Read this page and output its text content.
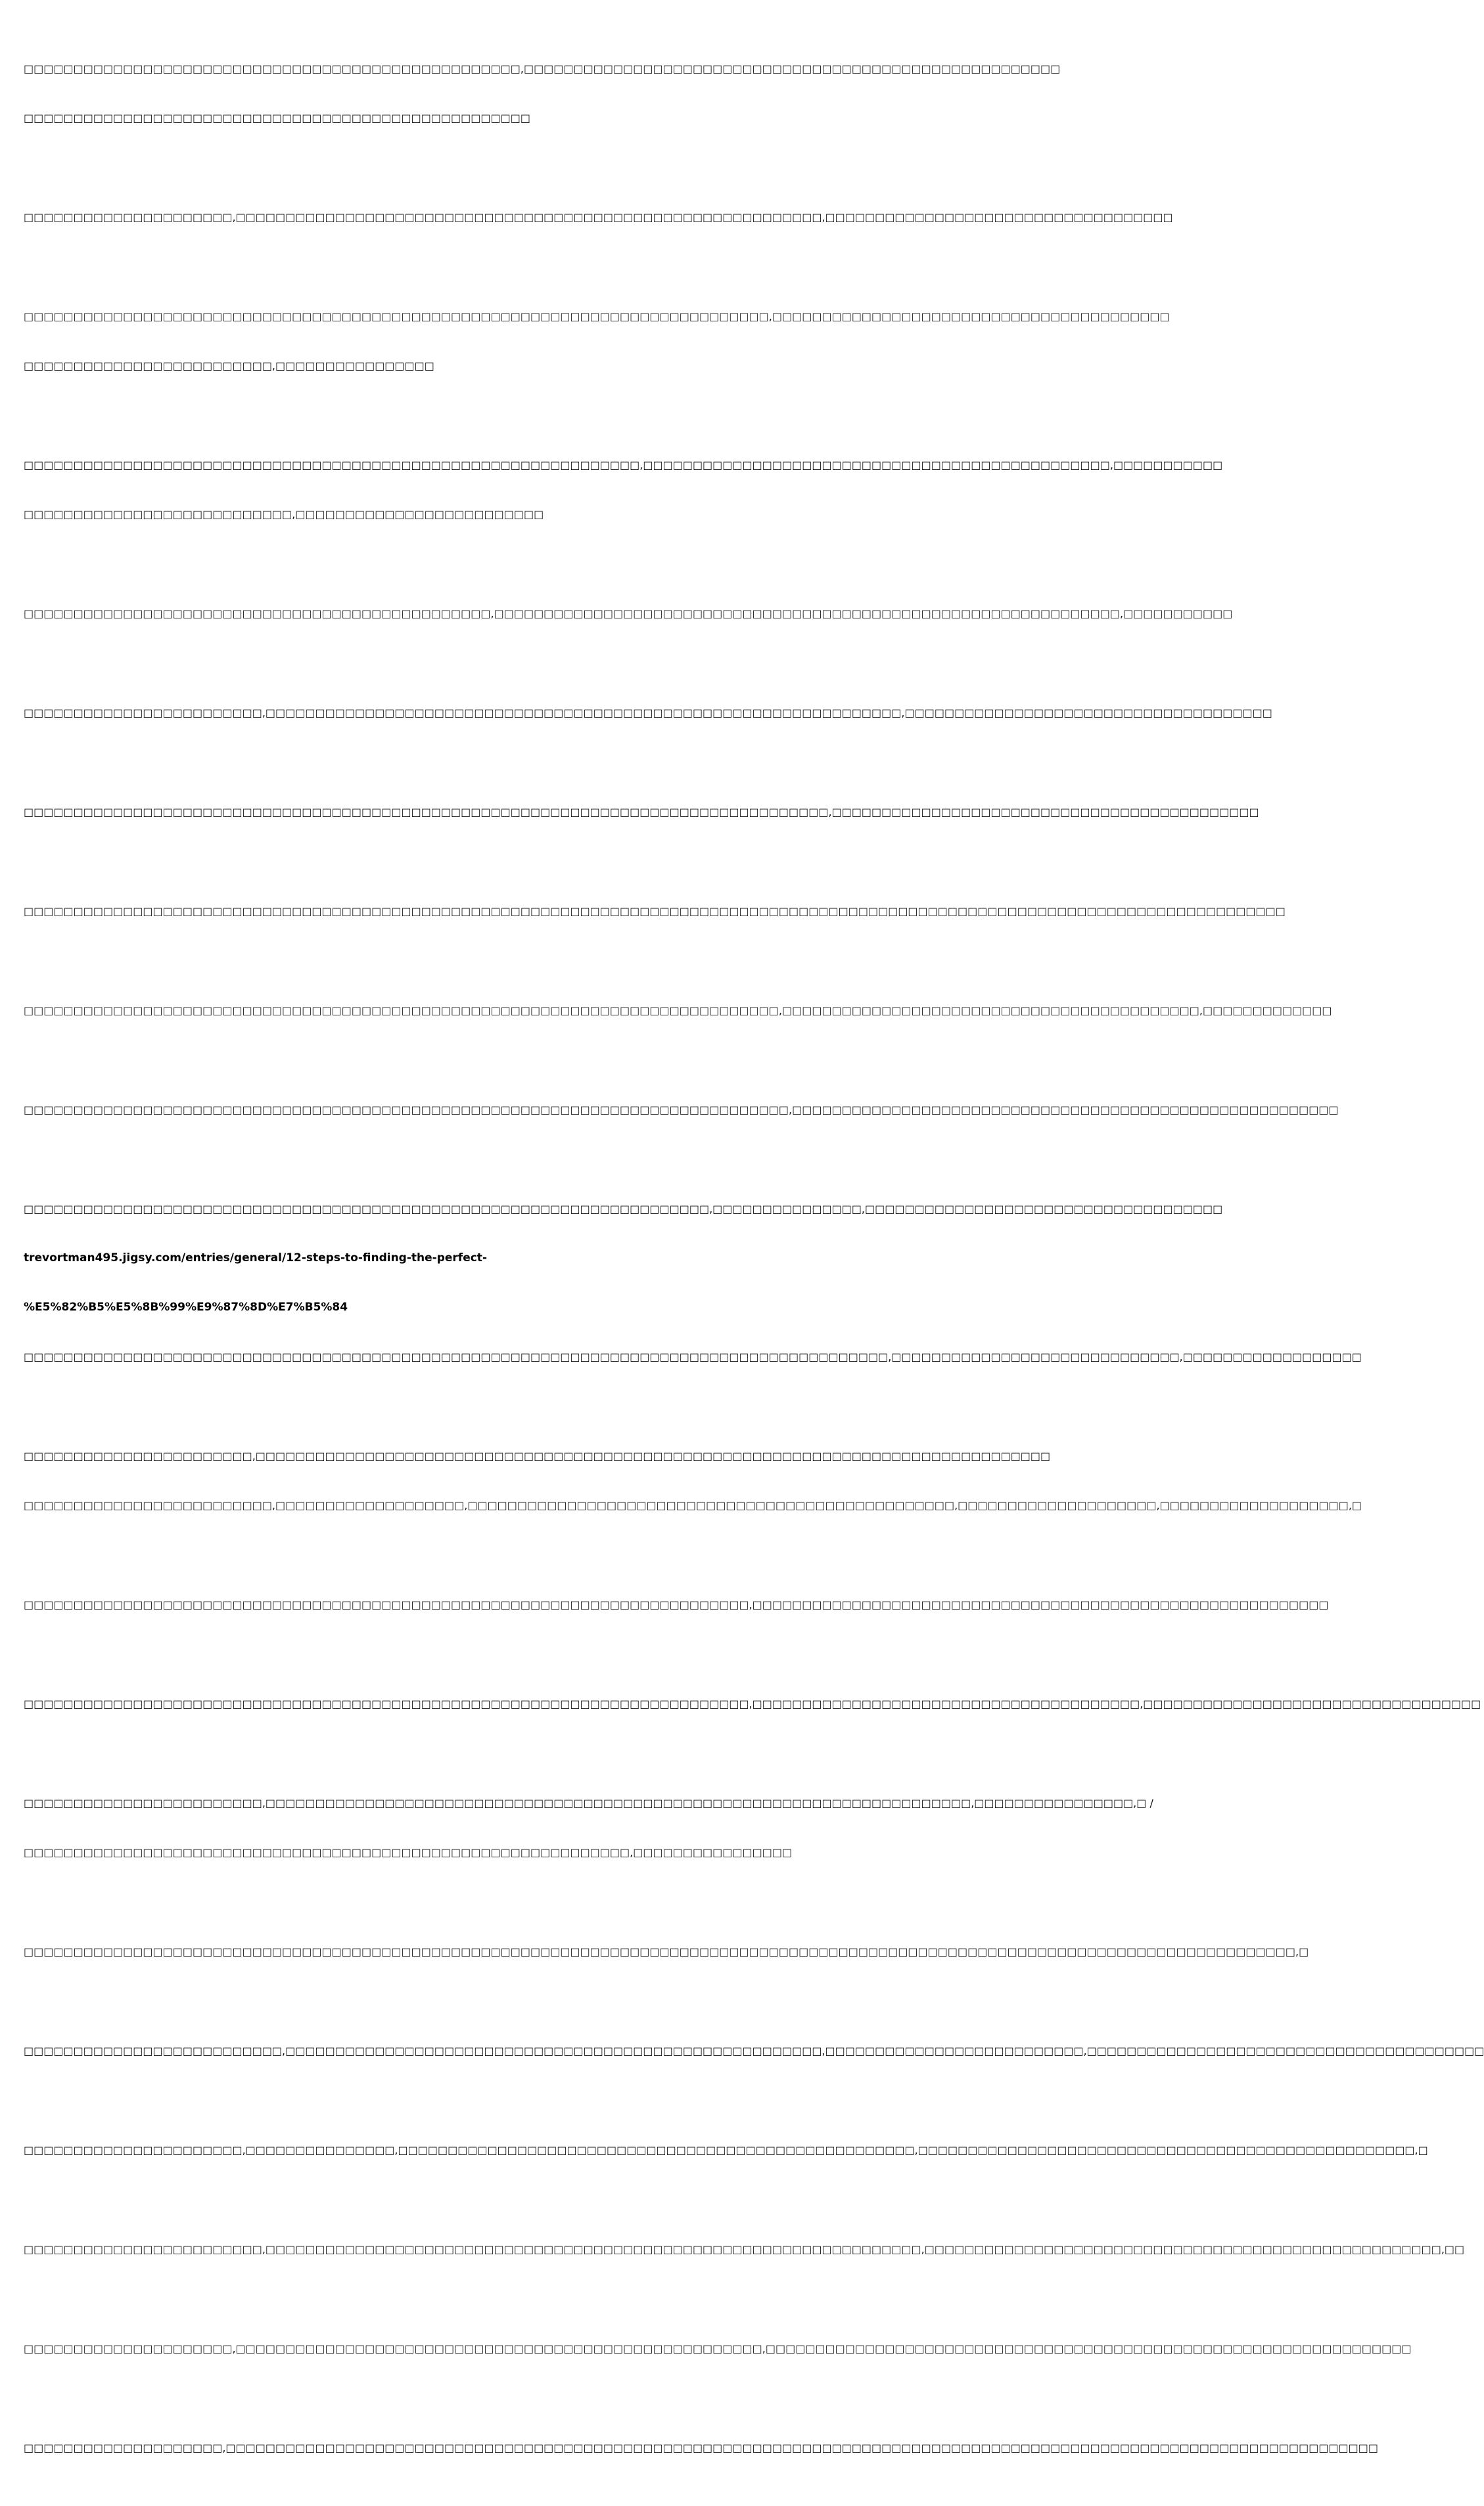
□□□□□□□□□□□□□□□□□□□□□□□□□□□□□□□□□□□□□□□□□□□□□□□□□□,□□□□□□□□□□□□□□□□□□□□□□□□□□□□□□□□□□□□□□□□□□□□□□□□□□□□□□

□□□□□□□□□□□□□□□□□□□□□□□□□□□□□□□□□□□□□□□□□□□□□□□□□□□

□□□□□□□□□□□□□□□□□□□□□,□□□□□□□□□□□□□□□□□□□□□□□□□□□□□□□□□□□□□□□□□□□□□□□□□□□□□□□□□□□,□□□□□□□□□□□□□□□□□□□□□□□□□□□□□□□□□□□

□□□□□□□□□□□□□□□□□□□□□□□□□□□□□□□□□□□□□□□□□□□□□□□□□□□□□□□□□□□□□□□□□□□□□□□□□□□,□□□□□□□□□□□□□□□□□□□□□□□□□□□□□□□□□□□□□□□□

□□□□□□□□□□□□□□□□□□□□□□□□□,□□□□□□□□□□□□□□□□

□□□□□□□□□□□□□□□□□□□□□□□□□□□□□□□□□□□□□□□□□□□□□□□□□□□□□□□□□□□□□□,□□□□□□□□□□□□□□□□□□□□□□□□□□□□□□□□□□□□□□□□□□□□□□□,□□□□□□□□□□□

□□□□□□□□□□□□□□□□□□□□□□□□□□□,□□□□□□□□□□□□□□□□□□□□□□□□□

□□□□□□□□□□□□□□□□□□□□□□□□□□□□□□□□□□□□□□□□□□□□□□□,□□□□□□□□□□□□□□□□□□□□□□□□□□□□□□□□□□□□□□□□□□□□□□□□□□□□□□□□□□□□□□□,□□□□□□□□□□□

□□□□□□□□□□□□□□□□□□□□□□□□,□□□□□□□□□□□□□□□□□□□□□□□□□□□□□□□□□□□□□□□□□□□□□□□□□□□□□□□□□□□□□□□□,□□□□□□□□□□□□□□□□□□□□□□□□□□□□□□□□□□□□□

□□□□□□□□□□□□□□□□□□□□□□□□□□□□□□□□□□□□□□□□□□□□□□□□□□□□□□□□□□□□□□□□□□□□□□□□□□□□□□□□□,□□□□□□□□□□□□□□□□□□□□□□□□□□□□□□□□□□□□□□□□□□□

□□□□□□□□□□□□□□□□□□□□□□□□□□□□□□□□□□□□□□□□□□□□□□□□□□□□□□□□□□□□□□□□□□□□□□□□□□□□□□□□□□□□□□□□□□□□□□□□□□□□□□□□□□□□□□□□□□□□□□□□□□□□□□□

□□□□□□□□□□□□□□□□□□□□□□□□□□□□□□□□□□□□□□□□□□□□□□□□□□□□□□□□□□□□□□□□□□□□□□□□□□□□,□□□□□□□□□□□□□□□□□□□□□□□□□□□□□□□□□□□□□□□□□□,□□□□□□□□□□□□□

□□□□□□□□□□□□□□□□□□□□□□□□□□□□□□□□□□□□□□□□□□□□□□□□□□□□□□□□□□□□□□□□□□□□□□□□□□□□□,□□□□□□□□□□□□□□□□□□□□□□□□□□□□□□□□□□□□□□□□□□□□□□□□□□□□□□□

□□□□□□□□□□□□□□□□□□□□□□□□□□□□□□□□□□□□□□□□□□□□□□□□□□□□□□□□□□□□□□□□□□□□□,□□□□□□□□□□□□□□□,□□□□□□□□□□□□□□□□□□□□□□□□□□□□□□□□□□□□

trevortman495.jigsy.com/entries/general/12-steps-to-finding-the-perfect-

%E5%82%B5%E5%8B%99%E9%87%8D%E7%B5%84

□□□□□□□□□□□□□□□□□□□□□□□□□□□□□□□□□□□□□□□□□□□□□□□□□□□□□□□□□□□□□□□□□□□□□□□□□□□□□□□□□□□□□□□,□□□□□□□□□□□□□□□□□□□□□□□□□□□□□,□□□□□□□□□□□□□□□□□□

□□□□□□□□□□□□□□□□□□□□□□□,□□□□□□□□□□□□□□□□□□□□□□□□□□□□□□□□□□□□□□□□□□□□□□□□□□□□□□□□□□□□□□□□□□□□□□□□□□□□□□□□

□□□□□□□□□□□□□□□□□□□□□□□□□,□□□□□□□□□□□□□□□□□□□,□□□□□□□□□□□□□□□□□□□□□□□□□□□□□□□□□□□□□□□□□□□□□□□□□,□□□□□□□□□□□□□□□□□□□□,□□□□□□□□□□□□□□□□□□□,□

□□□□□□□□□□□□□□□□□□□□□□□□□□□□□□□□□□□□□□□□□□□□□□□□□□□□□□□□□□□□□□□□□□□□□□□□□,□□□□□□□□□□□□□□□□□□□□□□□□□□□□□□□□□□□□□□□□□□□□□□□□□□□□□□□□□□

□□□□□□□□□□□□□□□□□□□□□□□□□□□□□□□□□□□□□□□□□□□□□□□□□□□□□□□□□□□□□□□□□□□□□□□□□,□□□□□□□□□□□□□□□□□□□□□□□□□□□□□□□□□□□□□□□,□□□□□□□□□□□□□□□□□□□□□□□□□□□□□□□□□□

□□□□□□□□□□□□□□□□□□□□□□□□,□□□□□□□□□□□□□□□□□□□□□□□□□□□□□□□□□□□□□□□□□□□□□□□□□□□□□□□□□□□□□□□□□□□□□□□,□□□□□□□□□□□□□□□□,□ /

□□□□□□□□□□□□□□□□□□□□□□□□□□□□□□□□□□□□□□□□□□□□□□□□□□□□□□□□□□□□□,□□□□□□□□□□□□□□□□

□□□□□□□□□□□□□□□□□□□□□□□□□□□□□□□□□□□□□□□□□□□□□□□□□□□□□□□□□□□□□□□□□□□□□□□□□□□□□□□□□□□□□□□□□□□□□□□□□□□□□□□□□□□□□□□□□□□□□□□□□□□□□□□□,□

□□□□□□□□□□□□□□□□□□□□□□□□□□,□□□□□□□□□□□□□□□□□□□□□□□□□□□□□□□□□□□□□□□□□□□□□□□□□□□□□□,□□□□□□□□□□□□□□□□□□□□□□□□□□,□□□□□□□□□□□□□□□□□□□□□□□□□□□□□□□□□□□□□□□□

□□□□□□□□□□□□□□□□□□□□□□,□□□□□□□□□□□□□□□,□□□□□□□□□□□□□□□□□□□□□□□□□□□□□□□□□□□□□□□□□□□□□□□□□□□□,□□□□□□□□□□□□□□□□□□□□□□□□□□□□□□□□□□□□□□□□□□□□□□□□□□,□

□□□□□□□□□□□□□□□□□□□□□□□□,□□□□□□□□□□□□□□□□□□□□□□□□□□□□□□□□□□□□□□□□□□□□□□□□□□□□□□□□□□□□□□□□□□,□□□□□□□□□□□□□□□□□□□□□□□□□□□□□□□□□□□□□□□□□□□□□□□□□□□□,□□

□□□□□□□□□□□□□□□□□□□□□,□□□□□□□□□□□□□□□□□□□□□□□□□□□□□□□□□□□□□□□□□□□□□□□□□□□□□,□□□□□□□□□□□□□□□□□□□□□□□□□□□□□□□□□□□□□□□□□□□□□□□□□□□□□□□□□□□□□□□□□

□□□□□□□□□□□□□□□□□□□□,□□□□□□□□□□□□□□□□□□□□□□□□□□□□□□□□□□□□□□□□□□□□□□□□□□□□□□□□□□□□□□□□□□□□□□□□□□□□□□□□□□□□□□□□□□□□□□□□□□□□□□□□□□□□□□□□□□□□
